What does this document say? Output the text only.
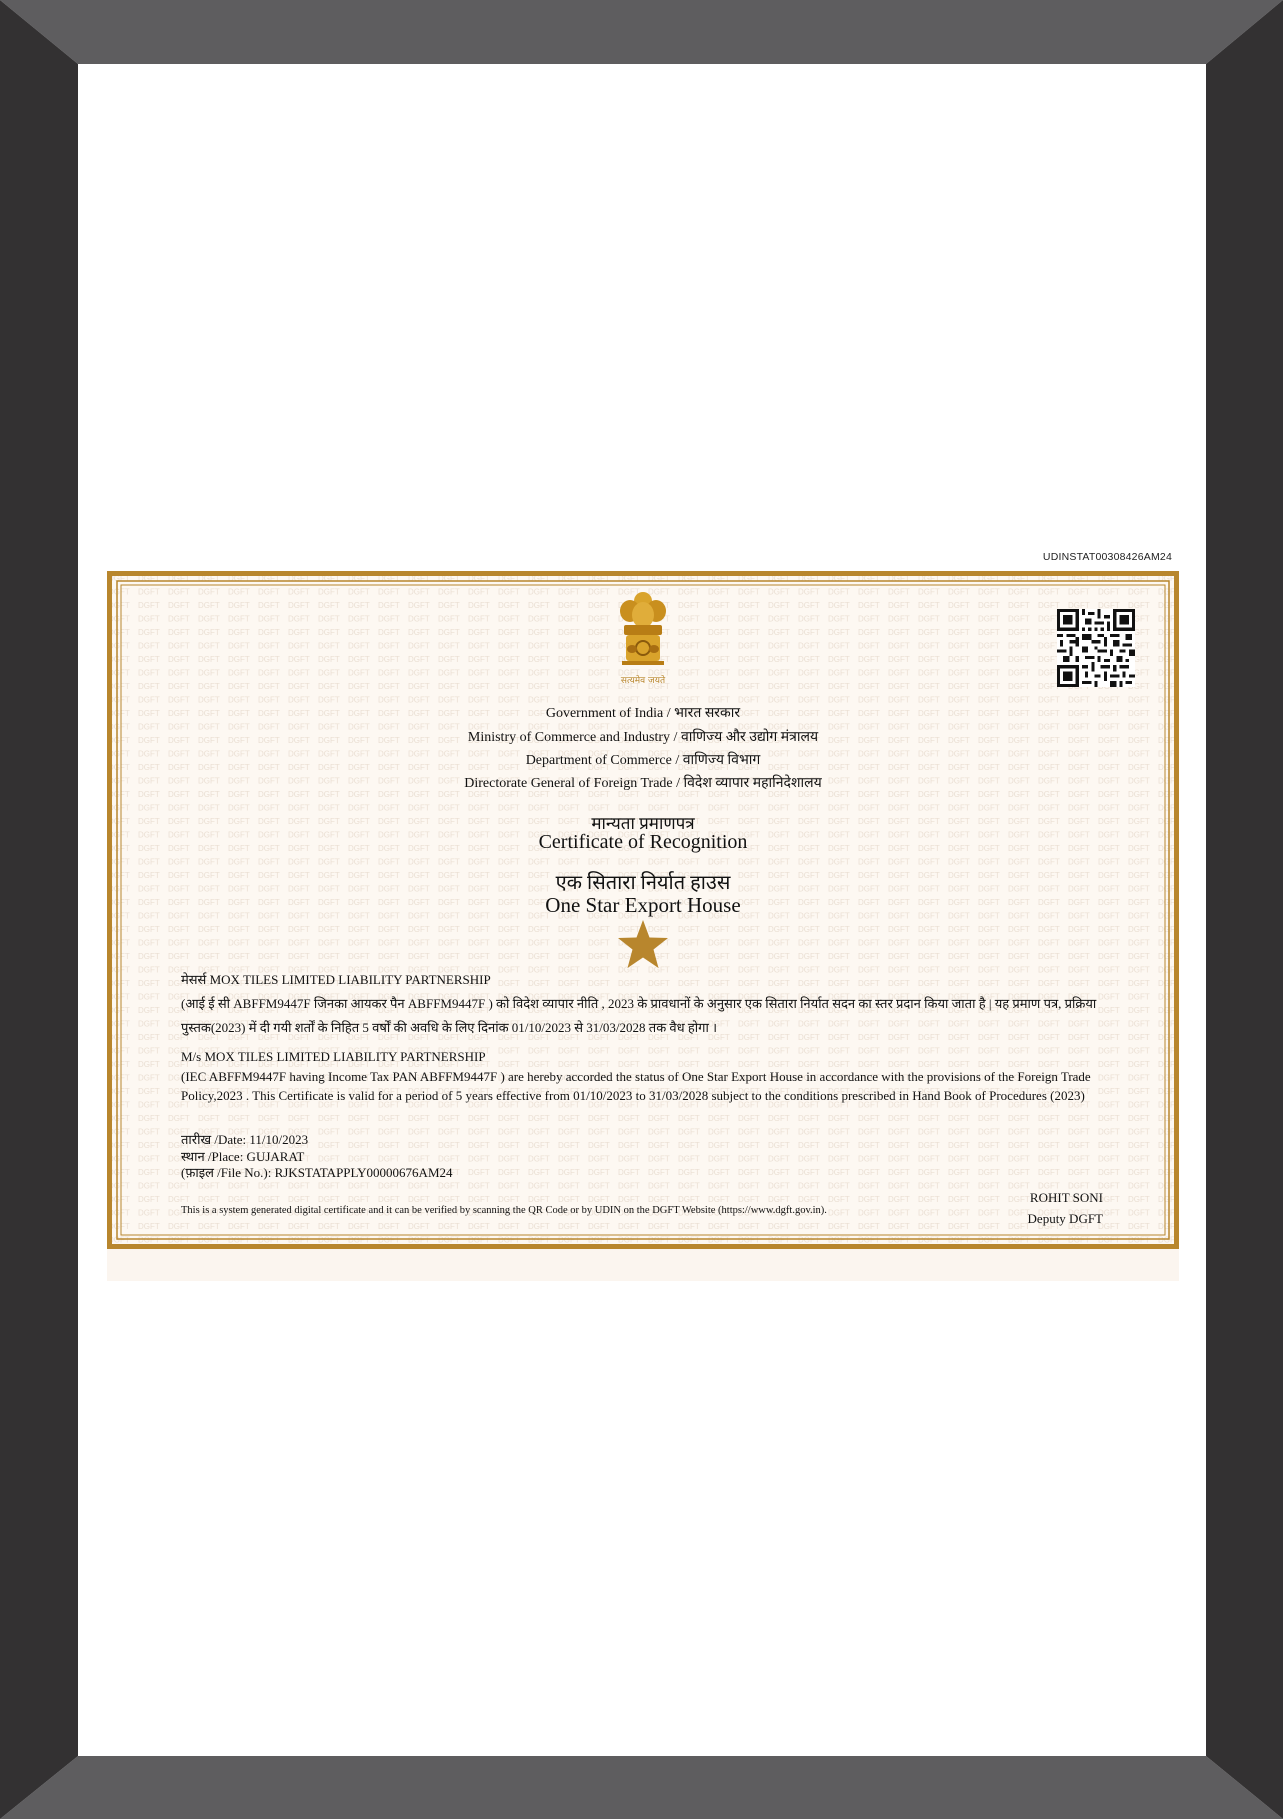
UDINSTAT00308426AM24
सत्यमेव जयते
Government of India / भारत सरकार
Ministry of Commerce and Industry / वाणिज्य और उद्योग मंत्रालय
Department of Commerce / वाणिज्य विभाग
Directorate General of Foreign Trade / विदेश व्यापार महानिदेशालय
मान्यता प्रमाणपत्र
Certificate of Recognition
एक सितारा निर्यात हाउस
One Star Export House
मेसर्स MOX TILES LIMITED LIABILITY PARTNERSHIP
(आई ई सी ABFFM9447F जिनका आयकर पैन ABFFM9447F ) को विदेश व्यापार नीति , 2023 के प्रावधानों के अनुसार एक सितारा निर्यात सदन का स्तर प्रदान किया जाता है | यह प्रमाण पत्र, प्रक्रिया पुस्तक(2023) में दी गयी शर्तों के निहित 5 वर्षों की अवधि के लिए दिनांक 01/10/2023 से 31/03/2028 तक वैध होगा ।
M/s MOX TILES LIMITED LIABILITY PARTNERSHIP
(IEC ABFFM9447F having Income Tax PAN ABFFM9447F ) are hereby accorded the status of One Star Export House in accordance with the provisions of the Foreign Trade Policy,2023 . This Certificate is valid for a period of 5 years effective from 01/10/2023 to 31/03/2028 subject to the conditions prescribed in Hand Book of Procedures (2023)
तारीख /Date: 11/10/2023
स्थान /Place: GUJARAT
(फ़ाइल /File No.): RJKSTATAPPLY00000676AM24
This is a system generated digital certificate and it can be verified by scanning the QR Code or by UDIN on the DGFT Website (https://www.dgft.gov.in).
ROHIT SONI
Deputy DGFT
